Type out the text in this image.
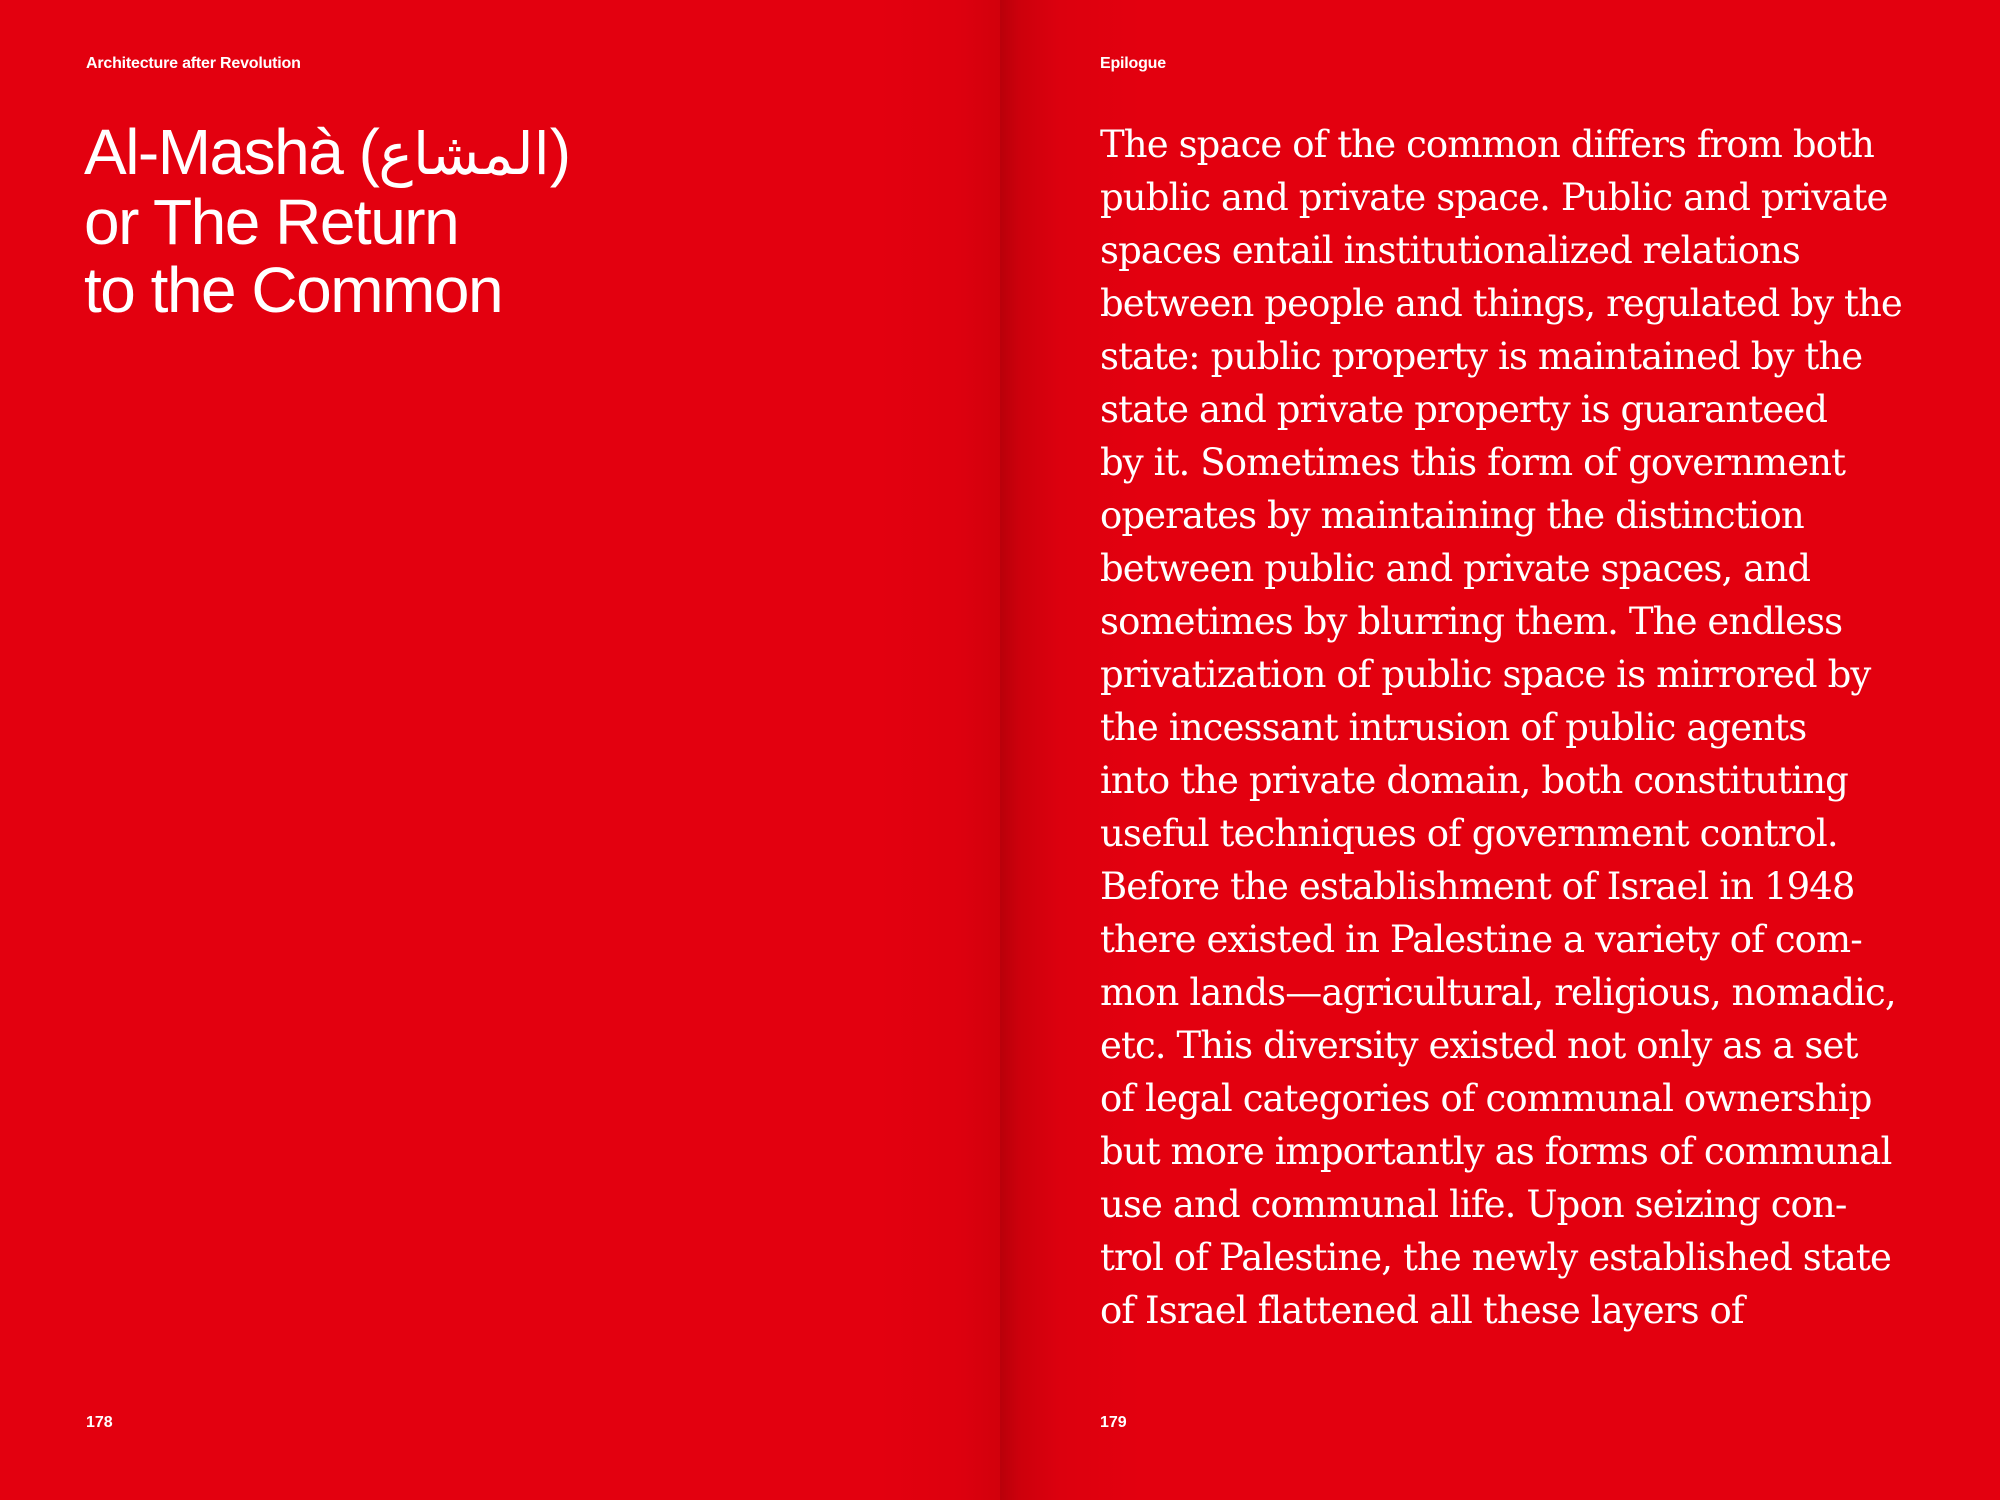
Architecture after Revolution
Al-Mashà (المشاع)
or The Return
to the Common
178
Epilogue

The space of the common differs from both
public and private space. Public and private
spaces entail institutionalized relations
between people and things, regulated by the
state: public property is maintained by the
state and private property is guaranteed
by it. Sometimes this form of government
operates by maintaining the distinction
between public and private spaces, and
sometimes by blurring them. The endless
privatization of public space is mirrored by
the incessant intrusion of public agents
into the private domain, both constituting
useful techniques of government control.
Before the establishment of Israel in 1948
there existed in Palestine a variety of com-
mon lands—agricultural, religious, nomadic,
etc. This diversity existed not only as a set
of legal categories of communal ownership
but more importantly as forms of communal
use and communal life. Upon seizing con-
trol of Palestine, the newly established state
of Israel flattened all these layers of

179
